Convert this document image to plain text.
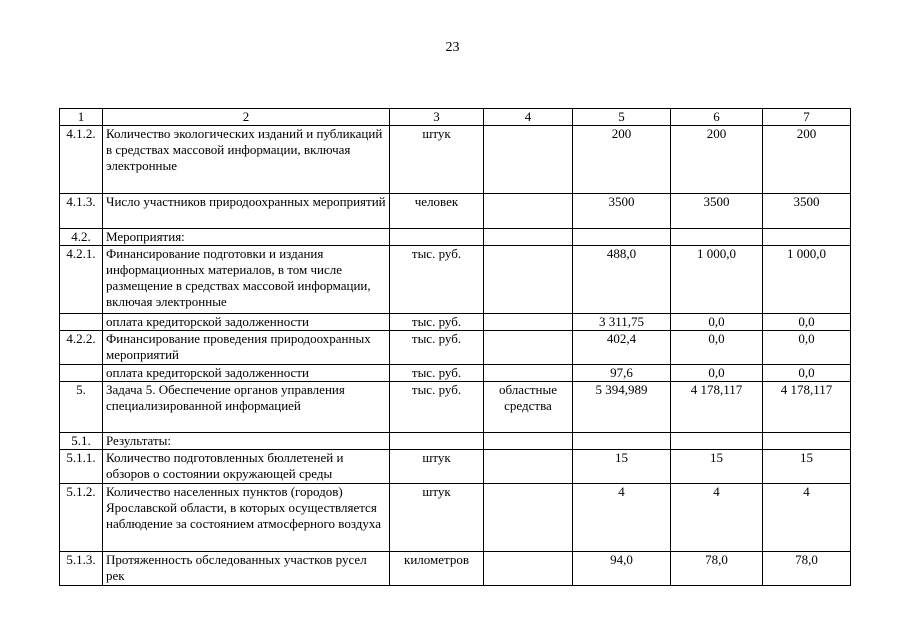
23
1	2	3	4	5	6	7
4.1.2.	Количество экологических изданий и публикаций в средствах массовой информации, включая электронные	штук		200	200	200
4.1.3.	Число участников природоохранных мероприятий	человек		3500	3500	3500
4.2.	Мероприятия:					
4.2.1.	Финансирование подготовки и издания информационных материалов, в том числе размещение в средствах массовой информации, включая электронные	тыс. руб.		488,0	1 000,0	1 000,0
	оплата кредиторской задолженности	тыс. руб.		3 311,75	0,0	0,0
4.2.2.	Финансирование проведения природоохранных мероприятий	тыс. руб.		402,4	0,0	0,0
	оплата кредиторской задолженности	тыс. руб.		97,6	0,0	0,0
5.	Задача 5. Обеспечение органов управления специализированной информацией	тыс. руб.	областные средства	5 394,989	4 178,117	4 178,117
5.1.	Результаты:					
5.1.1.	Количество подготовленных бюллетеней и обзоров о состоянии окружающей среды	штук		15	15	15
5.1.2.	Количество населенных пунктов (городов) Ярославской области, в которых осуществляется наблюдение за состоянием атмосферного воздуха	штук		4	4	4
5.1.3.	Протяженность обследованных участков русел рек	километров		94,0	78,0	78,0
